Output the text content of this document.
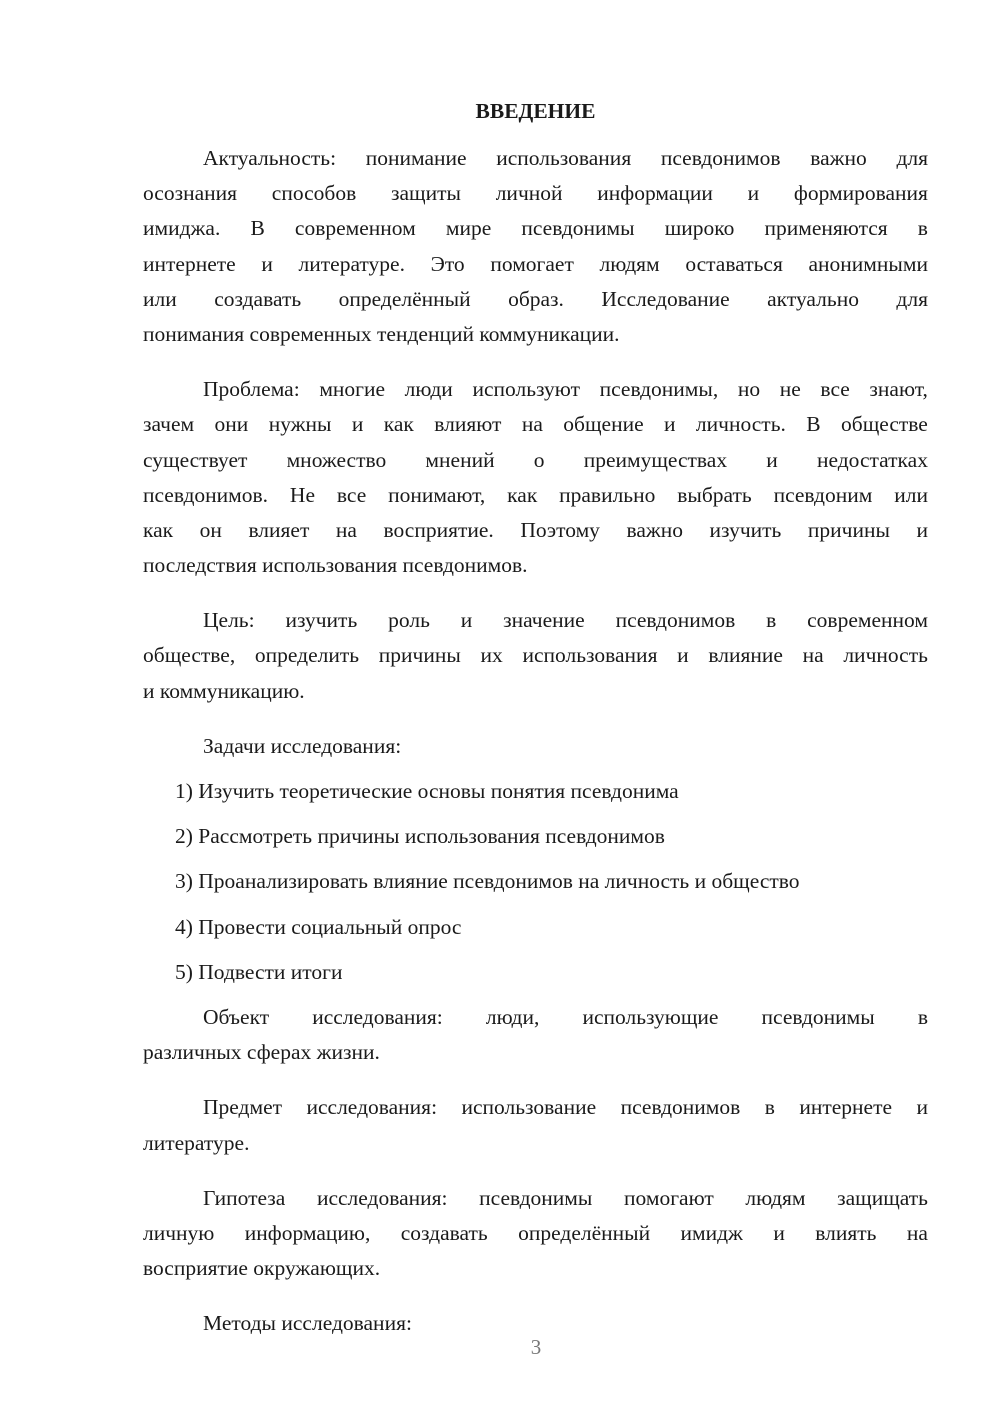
ВВЕДЕНИЕ
Актуальность: понимание использования псевдонимов важно для
осознания способов защиты личной информации и формирования
имиджа. В современном мире псевдонимы широко применяются в
интернете и литературе. Это помогает людям оставаться анонимными
или создавать определённый образ. Исследование актуально для
понимания современных тенденций коммуникации.
Проблема: многие люди используют псевдонимы, но не все знают,
зачем они нужны и как влияют на общение и личность. В обществе
существует множество мнений о преимуществах и недостатках
псевдонимов. Не все понимают, как правильно выбрать псевдоним или
как он влияет на восприятие. Поэтому важно изучить причины и
последствия использования псевдонимов.
Цель: изучить роль и значение псевдонимов в современном
обществе, определить причины их использования и влияние на личность
и коммуникацию.
Задачи исследования:
1) Изучить теоретические основы понятия псевдонима
2) Рассмотреть причины использования псевдонимов
3) Проанализировать влияние псевдонимов на личность и общество
4) Провести социальный опрос
5) Подвести итоги
Объект исследования: люди, использующие псевдонимы в
различных сферах жизни.
Предмет исследования: использование псевдонимов в интернете и
литературе.
Гипотеза исследования: псевдонимы помогают людям защищать
личную информацию, создавать определённый имидж и влиять на
восприятие окружающих.
Методы исследования:
3
